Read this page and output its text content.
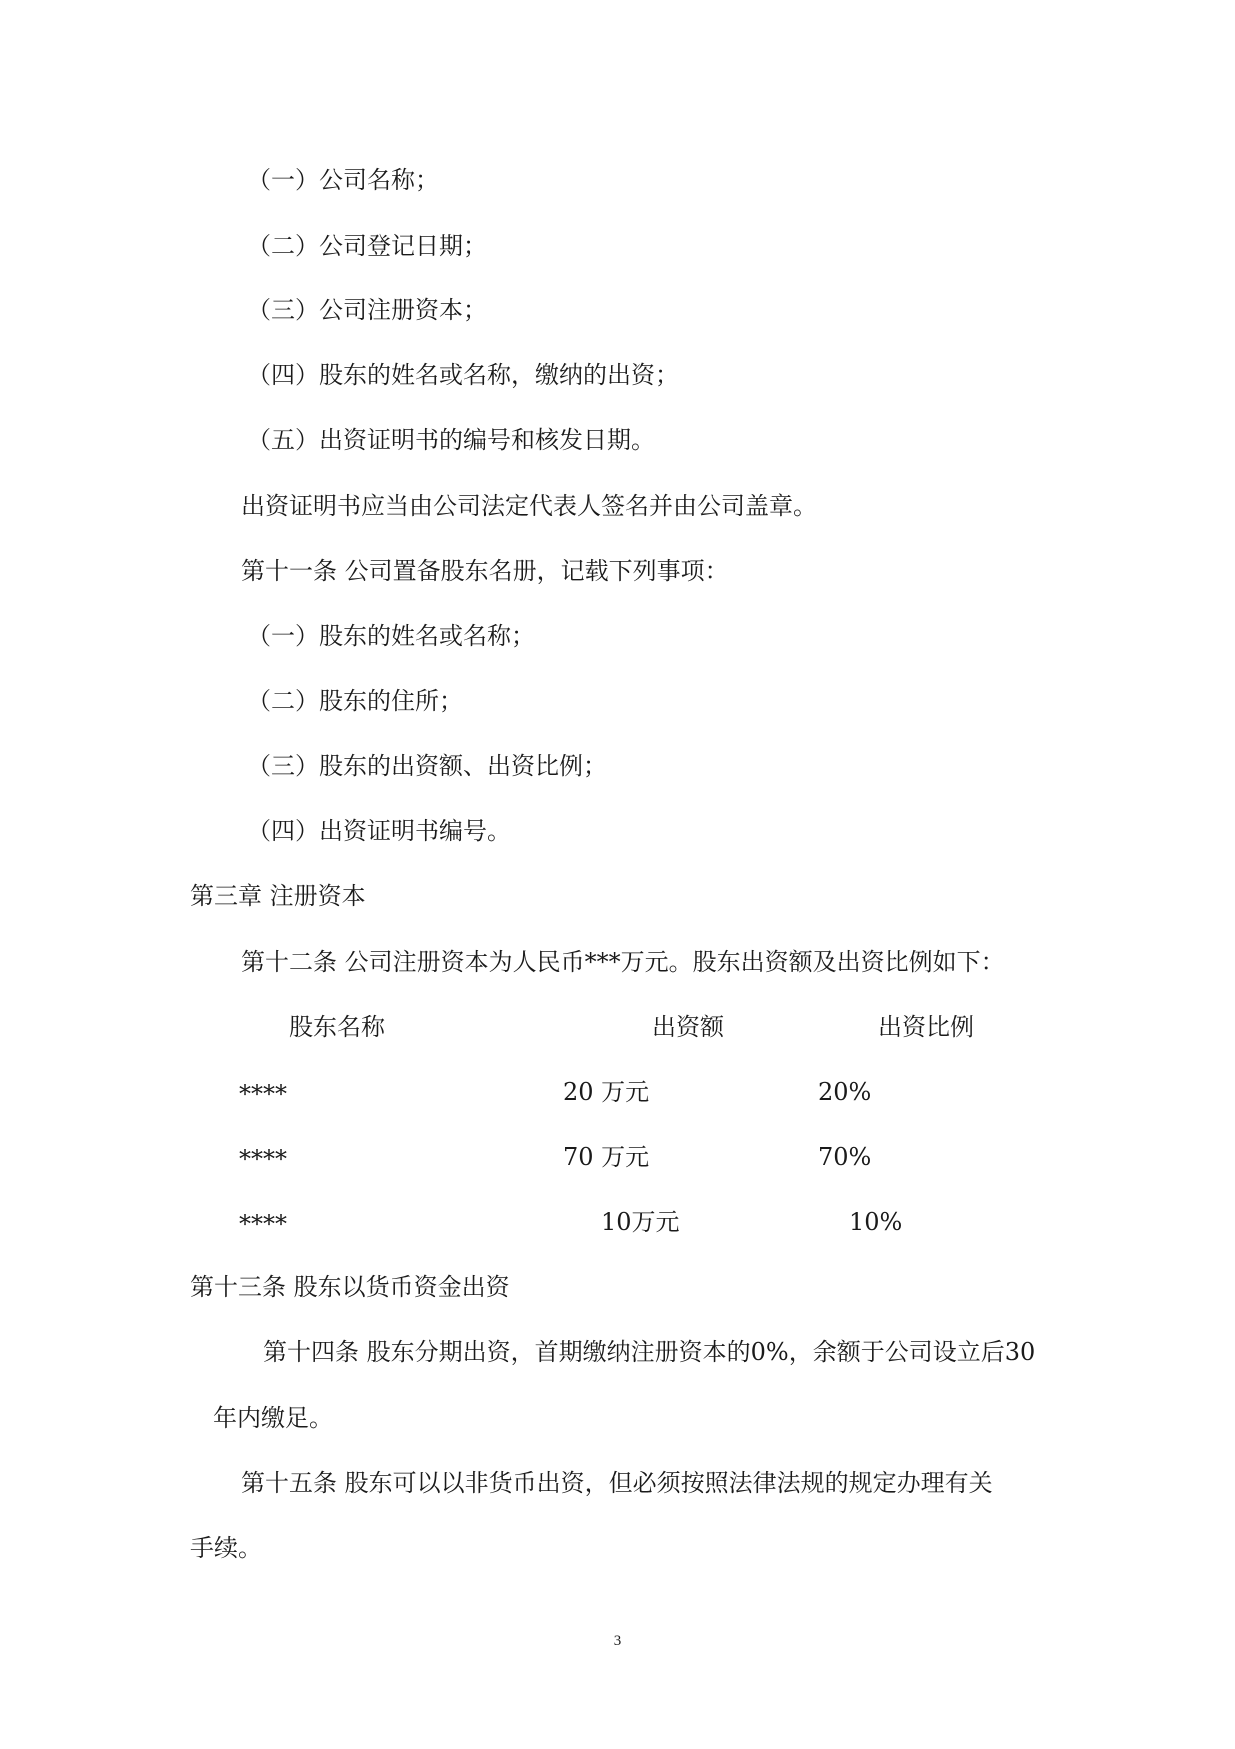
（一）公司名称；
（二）公司登记日期；
（三）公司注册资本；
（四）股东的姓名或名称，缴纳的出资；
（五）出资证明书的编号和核发日期。
出资证明书应当由公司法定代表人签名并由公司盖章。
第十一条 公司置备股东名册，记载下列事项：
（一）股东的姓名或名称；
（二）股东的住所；
（三）股东的出资额、出资比例；
（四）出资证明书编号。
第三章 注册资本
第十二条 公司注册资本为人民币***万元。股东出资额及出资比例如下：
股东名称	出资额	出资比例
****	20 万元	20%
****	70 万元	70%
****	10万元	10%
第十三条 股东以货币资金出资
第十四条 股东分期出资，首期缴纳注册资本的0%，余额于公司设立后30
年内缴足。
第十五条 股东可以以非货币出资，但必须按照法律法规的规定办理有关
手续。
3
